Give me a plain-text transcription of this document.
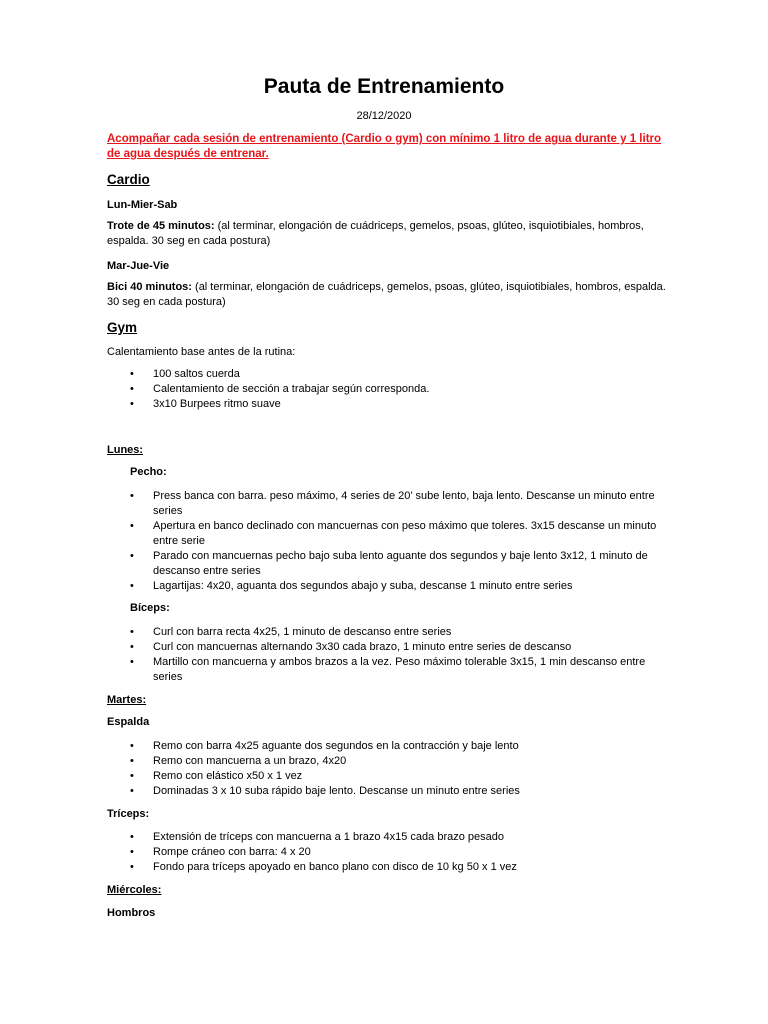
Pauta de Entrenamiento
28/12/2020
Acompañar cada sesión de entrenamiento (Cardio o gym) con mínimo 1 litro de agua durante y 1 litro de agua después de entrenar.
Cardio
Lun-Mier-Sab
Trote de 45 minutos: (al terminar, elongación de cuádriceps, gemelos, psoas, glúteo, isquiotibiales, hombros, espalda. 30 seg en cada postura)
Mar-Jue-Vie
Bici 40 minutos: (al terminar, elongación de cuádriceps, gemelos, psoas, glúteo, isquiotibiales, hombros, espalda. 30 seg en cada postura)
Gym
Calentamiento base antes de la rutina:
• 100 saltos cuerda
• Calentamiento de sección a trabajar según corresponda.
• 3x10 Burpees ritmo suave
Lunes:
Pecho:
• Press banca con barra. peso máximo, 4 series de 20’ sube lento, baja lento. Descanse un minuto entre series
• Apertura en banco declinado con mancuernas con peso máximo que toleres. 3x15 descanse un minuto entre serie
• Parado con mancuernas pecho bajo suba lento aguante dos segundos y baje lento 3x12, 1 minuto de descanso entre series
• Lagartijas: 4x20, aguanta dos segundos abajo y suba, descanse 1 minuto entre series
Bíceps:
• Curl con barra recta 4x25, 1 minuto de descanso entre series
• Curl con mancuernas alternando 3x30 cada brazo, 1 minuto entre series de descanso
• Martillo con mancuerna y ambos brazos a la vez. Peso máximo tolerable 3x15, 1 min descanso entre series
Martes:
Espalda
• Remo con barra 4x25 aguante dos segundos en la contracción y baje lento
• Remo con mancuerna a un brazo, 4x20
• Remo con elástico x50 x 1 vez
• Dominadas 3 x 10 suba rápido baje lento. Descanse un minuto entre series
Tríceps:
• Extensión de tríceps con mancuerna a 1 brazo 4x15 cada brazo pesado
• Rompe cráneo con barra: 4 x 20
• Fondo para tríceps apoyado en banco plano con disco de 10 kg 50 x 1 vez
Miércoles:
Hombros
